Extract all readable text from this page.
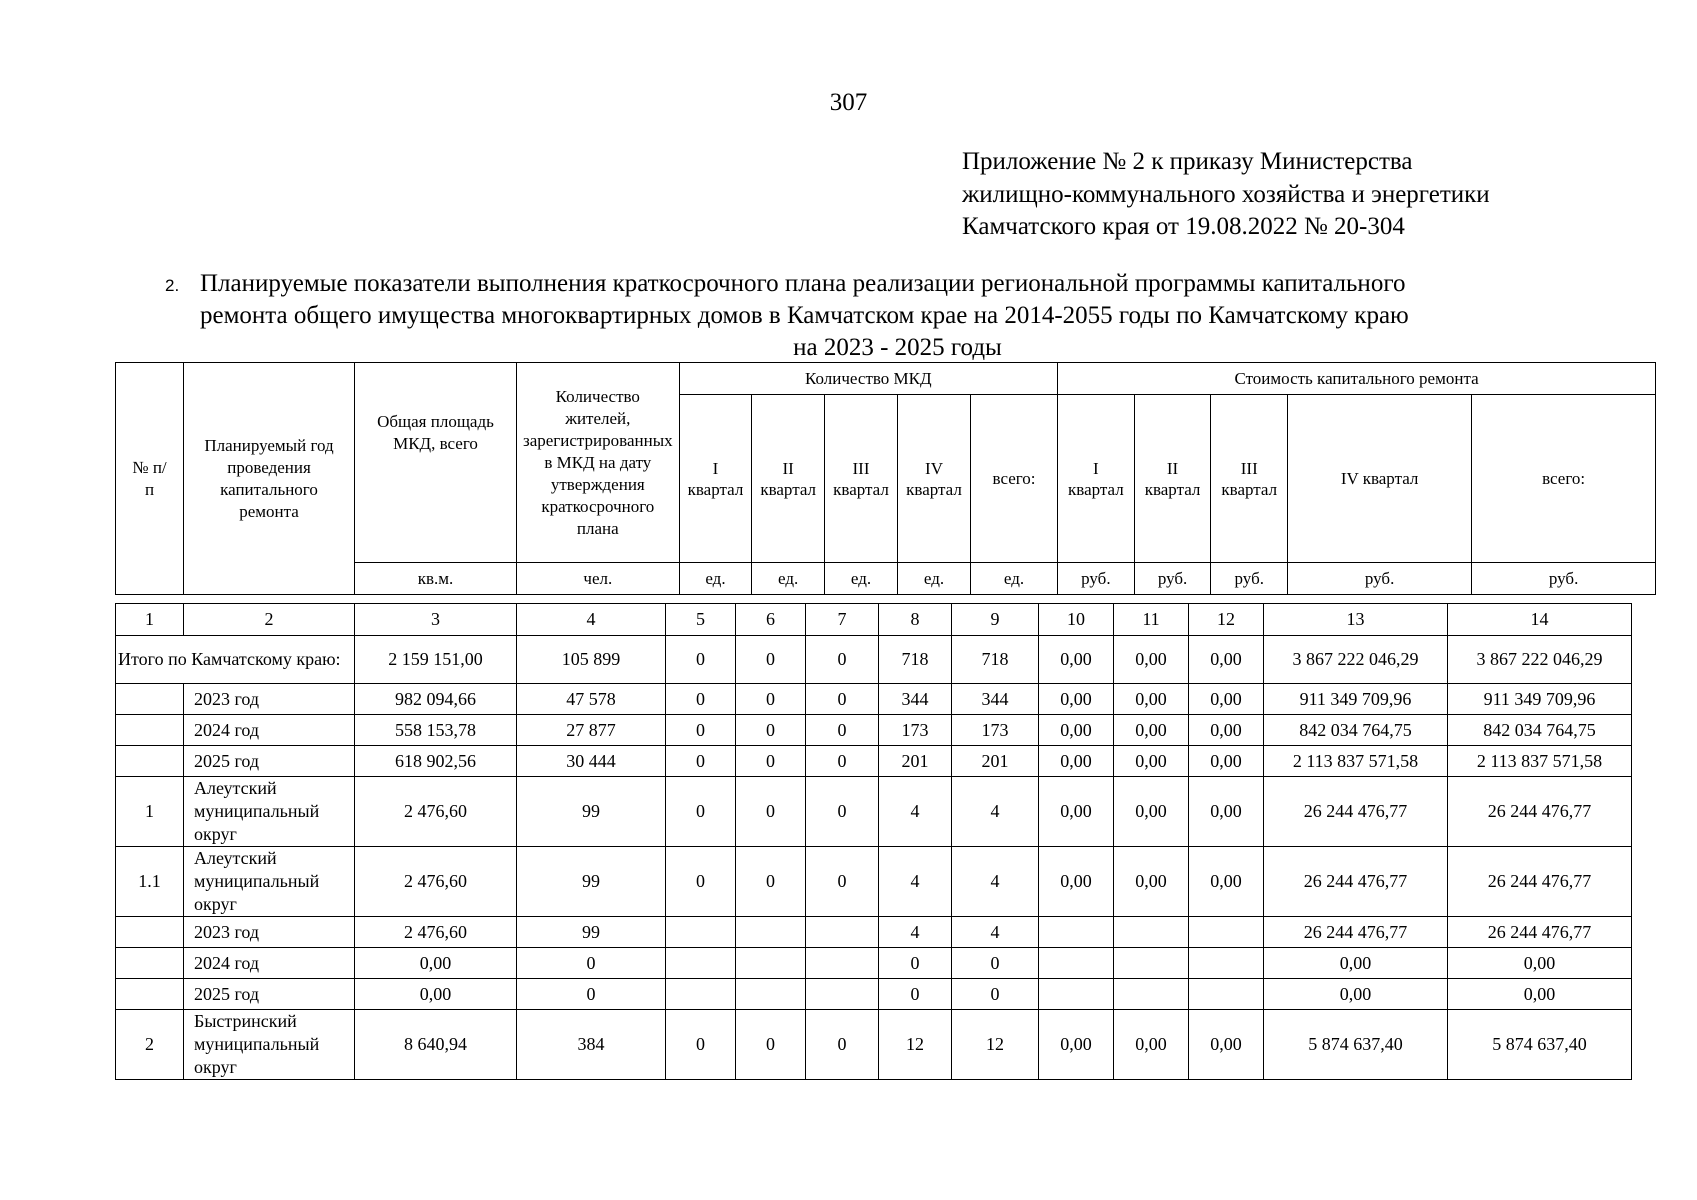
307
Приложение № 2 к приказу Министерства
жилищно-коммунального хозяйства и энергетики
Камчатского края от 19.08.2022 № 20-304
2. Планируемые показатели выполнения краткосрочного плана реализации региональной программы капитального
ремонта общего имущества многоквартирных домов в Камчатском крае на 2014-2055 годы по Камчатскому краю
на 2023 - 2025 годы
№ п/п	Планируемый год проведения капитального ремонта	Общая площадь МКД, всего	Количество жителей, зарегистрированных в МКД на дату утверждения краткосрочного плана	Количество МКД					Стоимость капитального ремонта				
				I квартал	II квартал	III квартал	IV квартал	всего:	I квартал	II квартал	III квартал	IV квартал	всего:
		кв.м.	чел.	ед.	ед.	ед.	ед.	ед.	руб.	руб.	руб.	руб.	руб.
1	2	3	4	5	6	7	8	9	10	11	12	13	14
Итого по Камчатскому краю:		2 159 151,00	105 899	0	0	0	718	718	0,00	0,00	0,00	3 867 222 046,29	3 867 222 046,29
	2023 год	982 094,66	47 578	0	0	0	344	344	0,00	0,00	0,00	911 349 709,96	911 349 709,96
	2024 год	558 153,78	27 877	0	0	0	173	173	0,00	0,00	0,00	842 034 764,75	842 034 764,75
	2025 год	618 902,56	30 444	0	0	0	201	201	0,00	0,00	0,00	2 113 837 571,58	2 113 837 571,58
1	Алеутский муниципальный округ	2 476,60	99	0	0	0	4	4	0,00	0,00	0,00	26 244 476,77	26 244 476,77
1.1	Алеутский муниципальный округ	2 476,60	99	0	0	0	4	4	0,00	0,00	0,00	26 244 476,77	26 244 476,77
	2023 год	2 476,60	99				4	4				26 244 476,77	26 244 476,77
	2024 год	0,00	0				0	0				0,00	0,00
	2025 год	0,00	0				0	0				0,00	0,00
2	Быстринский муниципальный округ	8 640,94	384	0	0	0	12	12	0,00	0,00	0,00	5 874 637,40	5 874 637,40
